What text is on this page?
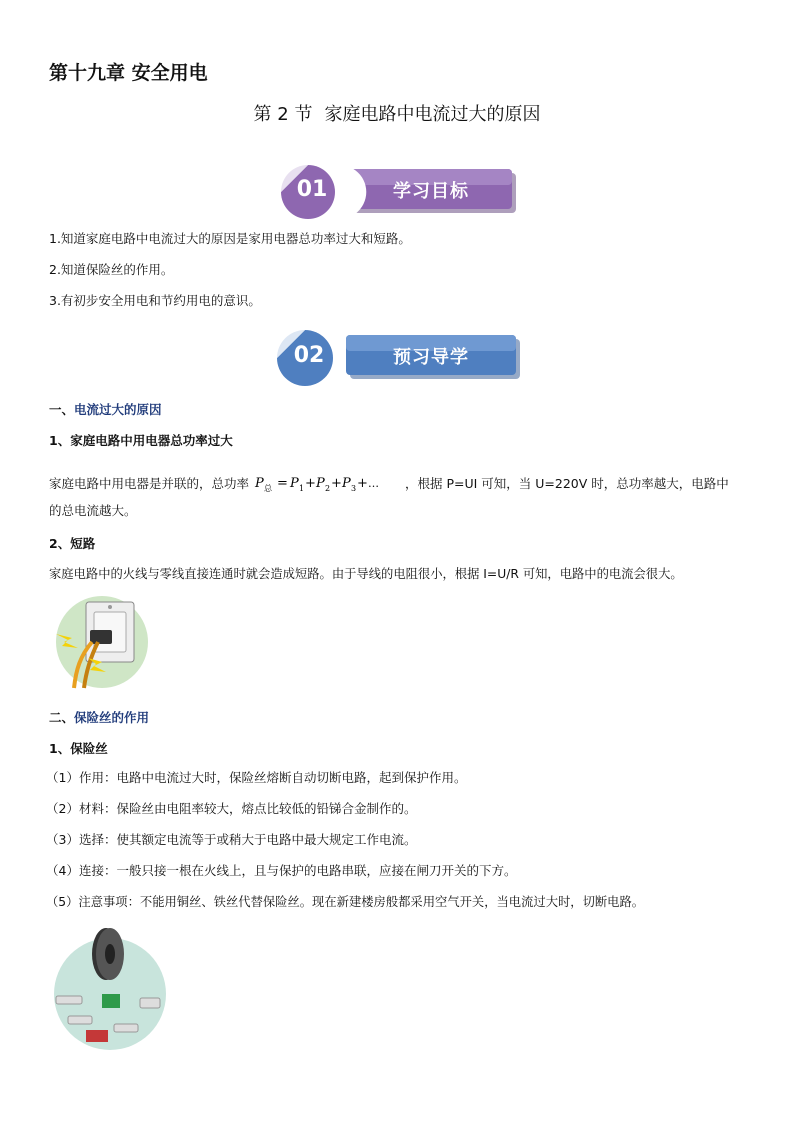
第十九章 安全用电
第 2 节 家庭电路中电流过大的原因
01	学习目标
1.知道家庭电路中电流过大的原因是家用电器总功率过大和短路。
2.知道保险丝的作用。
3.有初步安全用电和节约用电的意识。
02	预习导学
一、电流过大的原因
1、家庭电路中用电器总功率过大
家庭电路中用电器是并联的，总功率 P 总 = P 1 + P 2 + P 3 + … ，根据 P=UI 可知，当 U=220V 时，总功率越大，电路中
的总电流越大。
2、短路
家庭电路中的火线与零线直接连通时就会造成短路。由于导线的电阻很小，根据 I=U/R 可知，电路中的电流会很大。
二、保险丝的作用
1、保险丝
（1）作用：电路中电流过大时，保险丝熔断自动切断电路，起到保护作用。
（2）材料：保险丝由电阻率较大，熔点比较低的铅锑合金制作的。
（3）选择：使其额定电流等于或稍大于电路中最大规定工作电流。
（4）连接：一般只接一根在火线上，且与保护的电路串联，应接在闸刀开关的下方。
（5）注意事项：不能用铜丝、铁丝代替保险丝。现在新建楼房般都采用空气开关，当电流过大时，切断电路。
